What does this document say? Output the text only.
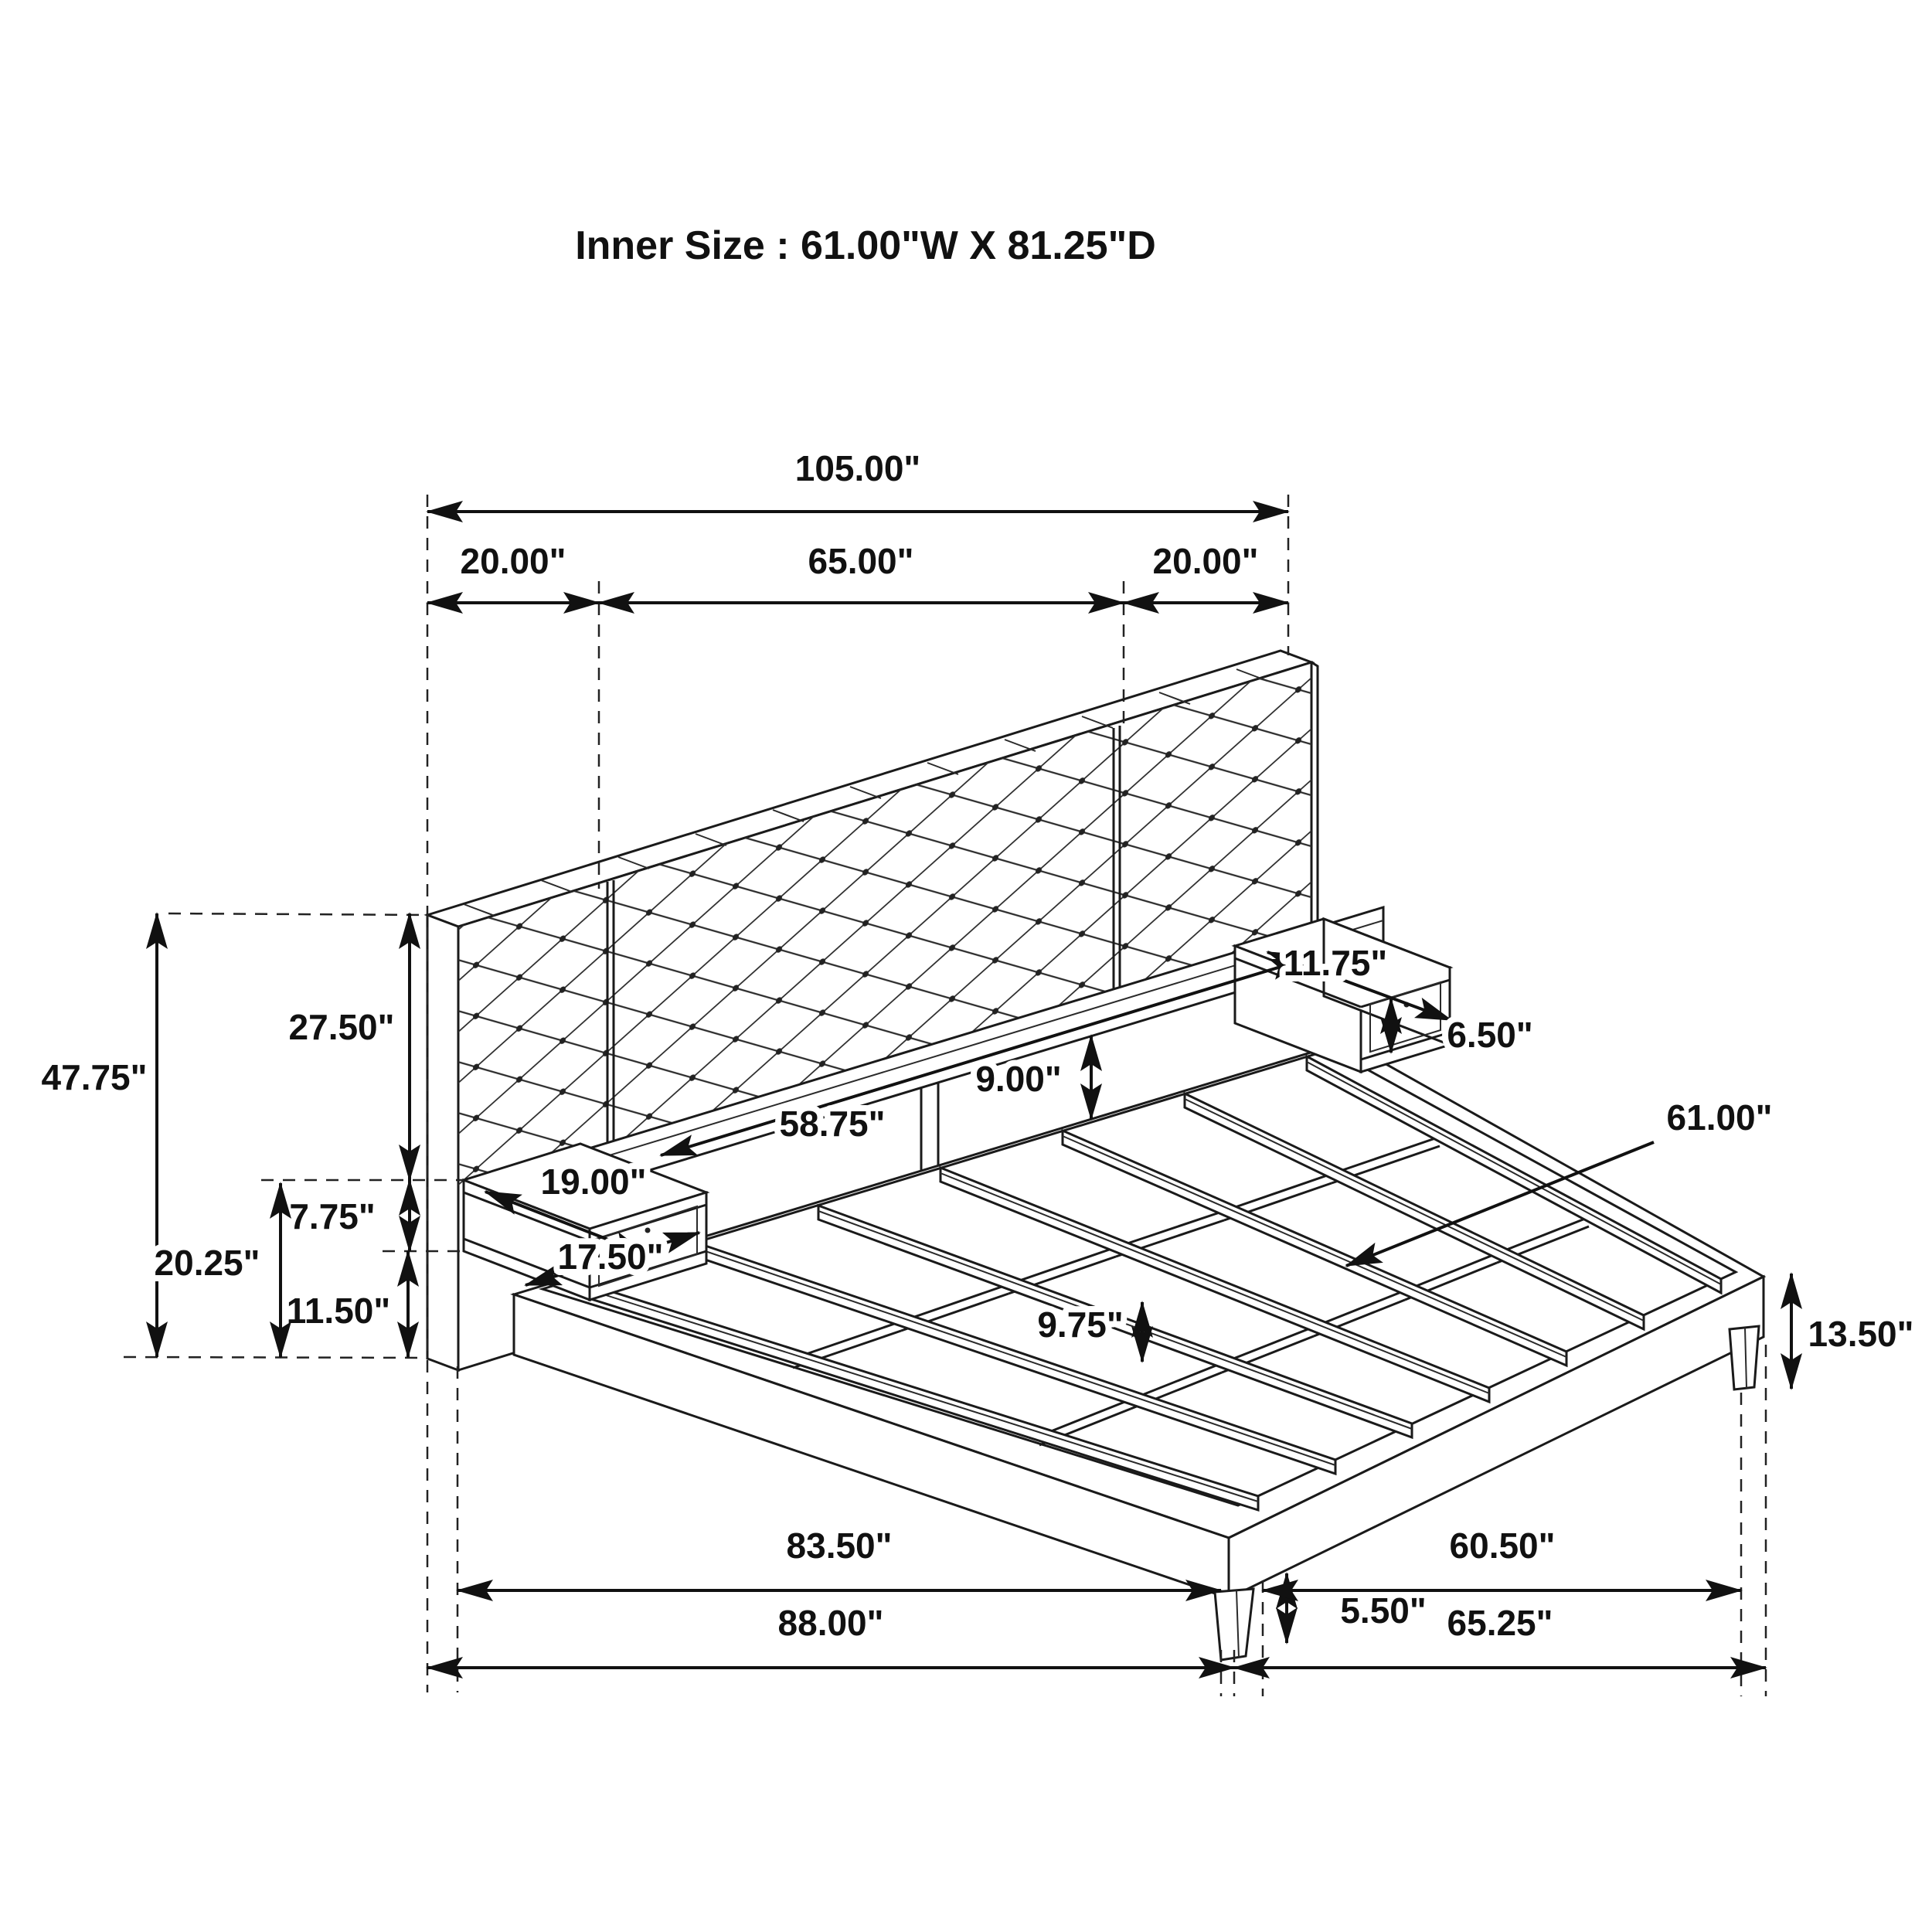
Inner Size : 61.00"W X 81.25"D
105.00"
20.00"	65.00"	20.00"
47.75"
27.50"
7.75"
11.50"
20.25"
9.00"
58.75"
19.00"
17.50"
11.75"
6.50"
61.00"
9.75"	13.50"
5.50"
83.50"	60.50"
88.00"	65.25"
